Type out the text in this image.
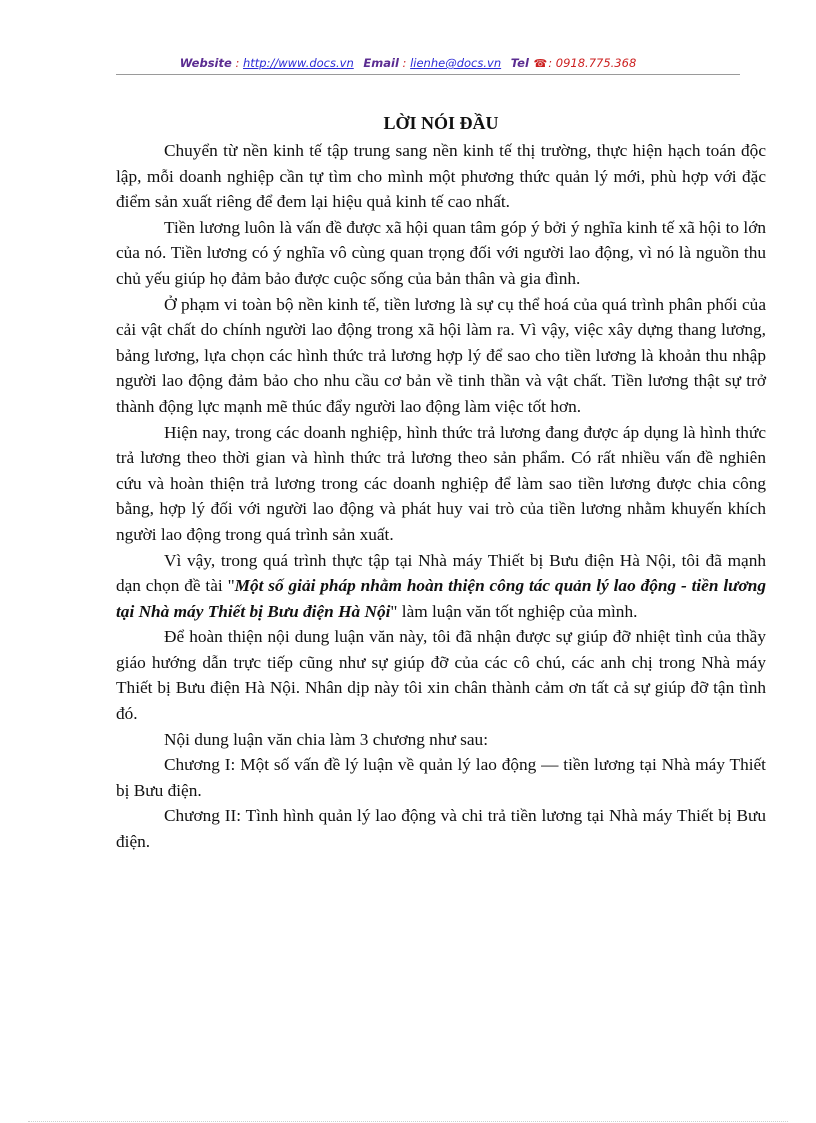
Website : http://www.docs.vn Email : lienhe@docs.vn Tel ☎: 0918.775.368
LỜI NÓI ĐẦU

Chuyển từ nền kinh tế tập trung sang nền kinh tế thị trường, thực hiện hạch toán độc lập, mỗi doanh nghiệp cần tự tìm cho mình một phương thức quản lý mới, phù hợp với đặc điểm sản xuất riêng để đem lại hiệu quả kinh tế cao nhất.

Tiền lương luôn là vấn đề được xã hội quan tâm góp ý bởi ý nghĩa kinh tế xã hội to lớn của nó. Tiền lương có ý nghĩa vô cùng quan trọng đối với người lao động, vì nó là nguồn thu chủ yếu giúp họ đảm bảo được cuộc sống của bản thân và gia đình.

Ở phạm vi toàn bộ nền kinh tế, tiền lương là sự cụ thể hoá của quá trình phân phối của cải vật chất do chính người lao động trong xã hội làm ra. Vì vậy, việc xây dựng thang lương, bảng lương, lựa chọn các hình thức trả lương hợp lý để sao cho tiền lương là khoản thu nhập người lao động đảm bảo cho nhu cầu cơ bản về tinh thần và vật chất. Tiền lương thật sự trở thành động lực mạnh mẽ thúc đẩy người lao động làm việc tốt hơn.

Hiện nay, trong các doanh nghiệp, hình thức trả lương đang được áp dụng là hình thức trả lương theo thời gian và hình thức trả lương theo sản phẩm. Có rất nhiều vấn đề nghiên cứu và hoàn thiện trả lương trong các doanh nghiệp để làm sao tiền lương được chia công bằng, hợp lý đối với người lao động và phát huy vai trò của tiền lương nhằm khuyến khích người lao động trong quá trình sản xuất.

Vì vậy, trong quá trình thực tập tại Nhà máy Thiết bị Bưu điện Hà Nội, tôi đã mạnh dạn chọn đề tài "Một số giải pháp nhằm hoàn thiện công tác quản lý lao động - tiền lương tại Nhà máy Thiết bị Bưu điện Hà Nội" làm luận văn tốt nghiệp của mình.

Để hoàn thiện nội dung luận văn này, tôi đã nhận được sự giúp đỡ nhiệt tình của thầy giáo hướng dẫn trực tiếp cũng như sự giúp đỡ của các cô chú, các anh chị trong Nhà máy Thiết bị Bưu điện Hà Nội. Nhân dịp này tôi xin chân thành cảm ơn tất cả sự giúp đỡ tận tình đó.

Nội dung luận văn chia làm 3 chương như sau:

Chương I: Một số vấn đề lý luận về quản lý lao động — tiền lương tại Nhà máy Thiết bị Bưu điện.

Chương II: Tình hình quản lý lao động và chi trả tiền lương tại Nhà máy Thiết bị Bưu điện.
